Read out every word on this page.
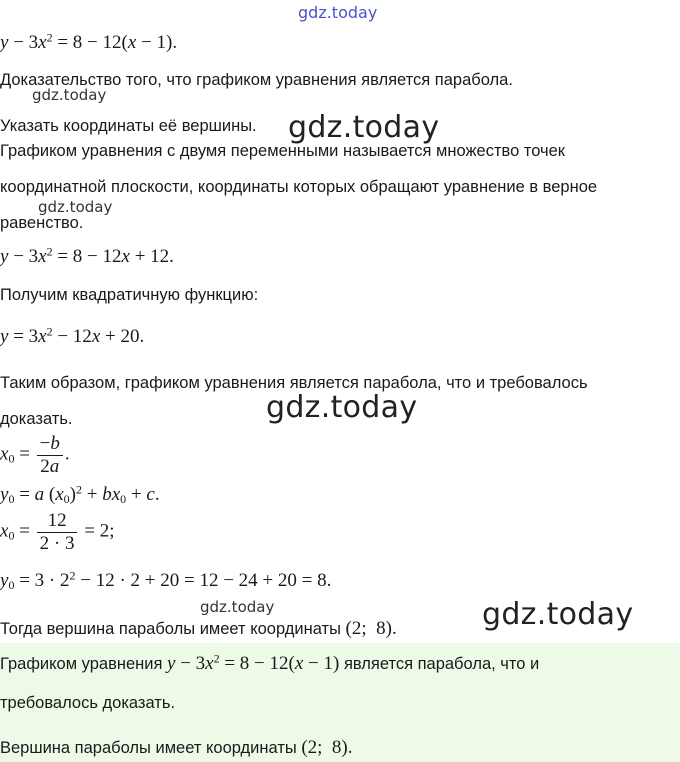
gdz.today
gdz.today
gdz.today
gdz.today
gdz.today
gdz.today	gdz.today
$y - 3x^2 = 8 - 12(x - 1)$.
Доказательство того, что графиком уравнения является парабола.
Указать координаты её вершины.
Графиком уравнения с двумя переменными называется множество точек
координатной плоскости, координаты которых обращают уравнение в верное
равенство.
$y - 3x^2 = 8 - 12x + 12$.
Получим квадратичную функцию:
$y = 3x^2 - 12x + 20$.
Таким образом, графиком уравнения является парабола, что и требовалось
доказать.
$x_0 = \frac{-b}{2a}$ .
$y_0 = a$ $(x_0)^2 + bx_0 + c$.
$x_0 = \frac{12}{2 \cdot 3} = 2$;
$y_0 = 3 \cdot 2^2 - 12 \cdot 2 + 20 = 12 - 24 + 20 = 8$.
Тогда вершина параболы имеет координаты (2;  8).
Графиком уравнения $y - 3x^2 = 8 - 12(x - 1)$ является парабола, что и
требовалось доказать.
Вершина параболы имеет координаты (2;  8).
